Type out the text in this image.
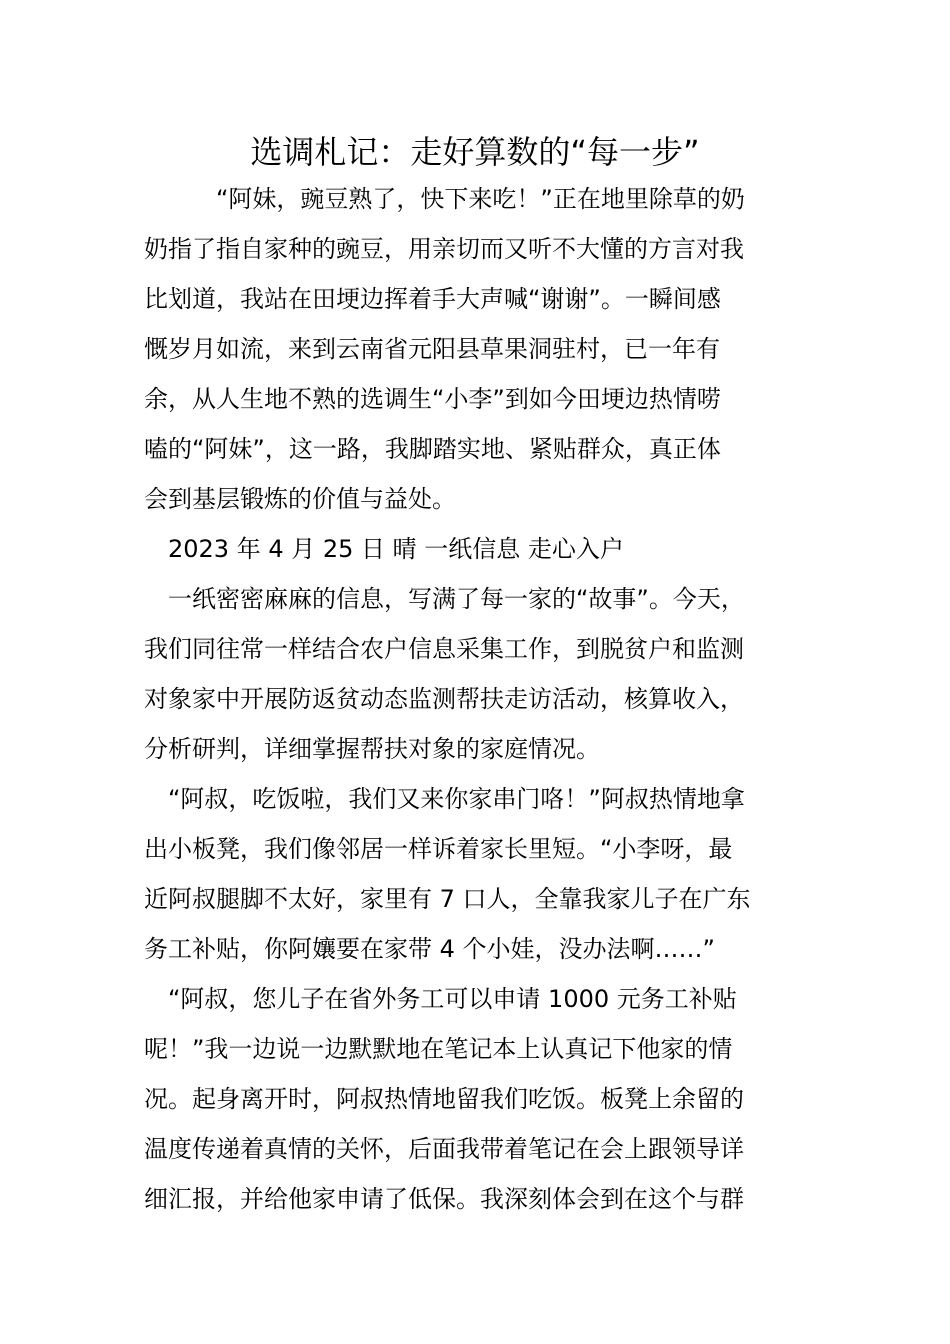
选调札记：走好算数的“每一步”

“阿妹，豌豆熟了，快下来吃！”正在地里除草的奶
奶指了指自家种的豌豆，用亲切而又听不大懂的方言对我
比划道，我站在田埂边挥着手大声喊“谢谢”。一瞬间感
慨岁月如流，来到云南省元阳县草果洞驻村，已一年有
余，从人生地不熟的选调生“小李”到如今田埂边热情唠
嗑的“阿妹”，这一路，我脚踏实地、紧贴群众，真正体
会到基层锻炼的价值与益处。

2023 年 4 月 25 日 晴 一纸信息 走心入户

一纸密密麻麻的信息，写满了每一家的“故事”。今天，
我们同往常一样结合农户信息采集工作，到脱贫户和监测
对象家中开展防返贫动态监测帮扶走访活动，核算收入，
分析研判，详细掌握帮扶对象的家庭情况。

“阿叔，吃饭啦，我们又来你家串门咯！”阿叔热情地拿
出小板凳，我们像邻居一样诉着家长里短。“小李呀，最
近阿叔腿脚不太好，家里有 7 口人，全靠我家儿子在广东
务工补贴，你阿孃要在家带 4 个小娃，没办法啊……”

“阿叔，您儿子在省外务工可以申请 1000 元务工补贴
呢！”我一边说一边默默地在笔记本上认真记下他家的情
况。起身离开时，阿叔热情地留我们吃饭。板凳上余留的
温度传递着真情的关怀，后面我带着笔记在会上跟领导详
细汇报，并给他家申请了低保。我深刻体会到在这个与群
